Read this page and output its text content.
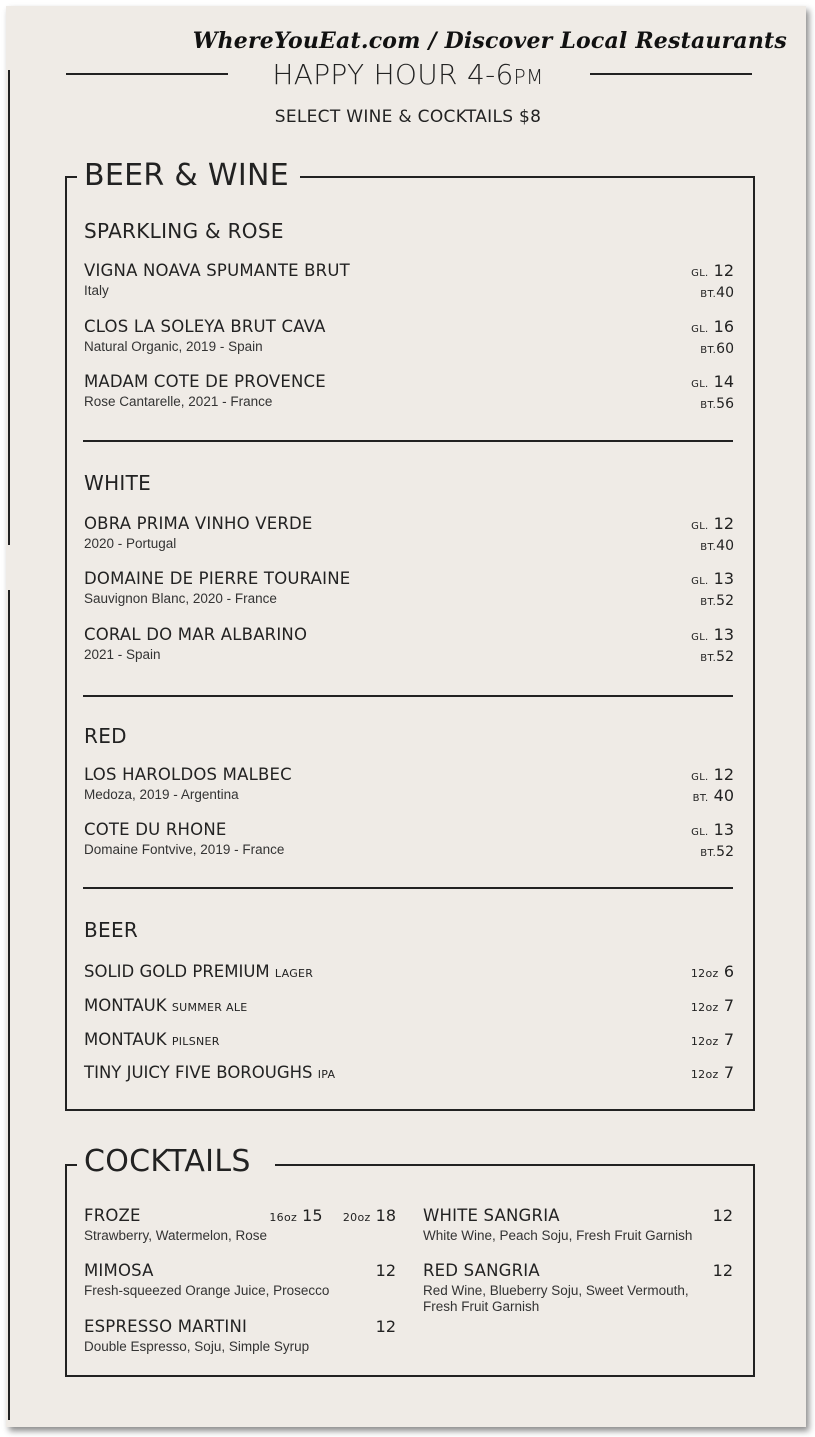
WhereYouEat.com / Discover Local Restaurants
HAPPY HOUR 4-6PM
SELECT WINE & COCKTAILS $8
BEER & WINE
SPARKLING & ROSE
VIGNA NOAVA SPUMANTE BRUT
Italy
GL. 12
BT.40
CLOS LA SOLEYA BRUT CAVA
Natural Organic, 2019 - Spain
GL. 16
BT.60
MADAM COTE DE PROVENCE
Rose Cantarelle, 2021 - France
GL. 14
BT.56
WHITE
OBRA PRIMA VINHO VERDE
2020 - Portugal
GL. 12
BT.40
DOMAINE DE PIERRE TOURAINE
Sauvignon Blanc, 2020 - France
GL. 13
BT.52
CORAL DO MAR ALBARINO
2021 - Spain
GL. 13
BT.52
RED
LOS HAROLDOS MALBEC
Medoza, 2019 - Argentina
GL. 12
BT. 40
COTE DU RHONE
Domaine Fontvive, 2019 - France
GL. 13
BT.52
BEER
SOLID GOLD PREMIUM LAGER	12oz 6
MONTAUK SUMMER ALE	12oz 7
MONTAUK PILSNER	12oz 7
TINY JUICY FIVE BOROUGHS IPA	12oz 7
COCKTAILS
FROZE
Strawberry, Watermelon, Rose
16oz 15 20oz 18
MIMOSA
Fresh-squeezed Orange Juice, Prosecco
12
ESPRESSO MARTINI
Double Espresso, Soju, Simple Syrup
12
WHITE SANGRIA
White Wine, Peach Soju, Fresh Fruit Garnish
12
RED SANGRIA
Red Wine, Blueberry Soju, Sweet Vermouth, Fresh Fruit Garnish
12
